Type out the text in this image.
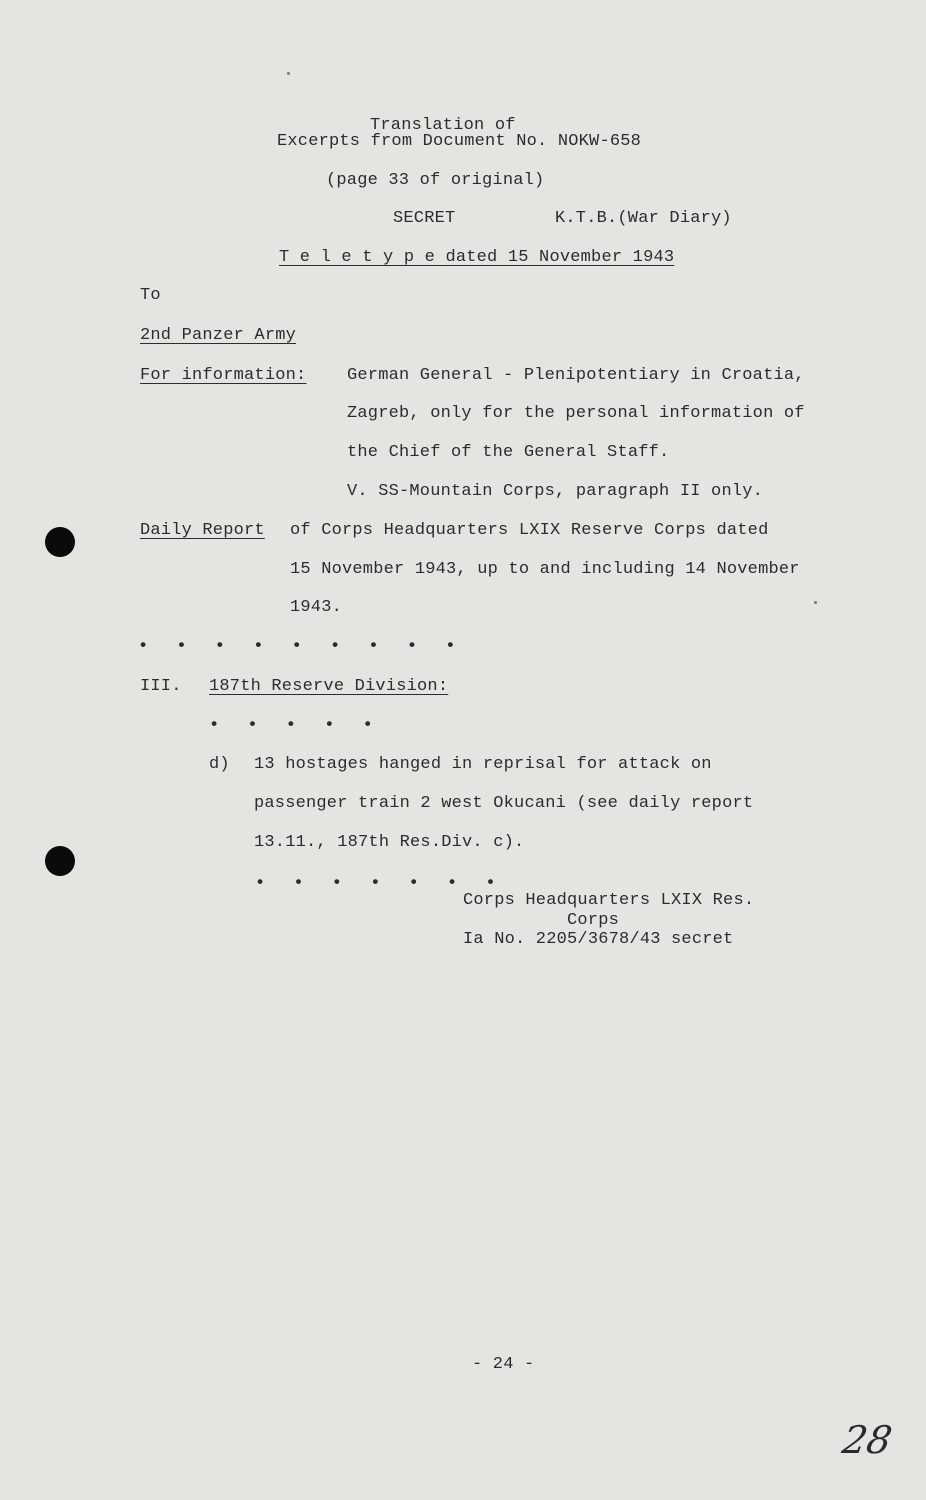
Translation of
Excerpts from Document No. NOKW-658
(page 33 of original)
SECRET	K.T.B.(War Diary)
T e l e t y p e dated 15 November 1943
To
2nd Panzer Army
For information: German General - Plenipotentiary in Croatia,
Zagreb, only for the personal information of
the Chief of the General Staff.
V. SS-Mountain Corps, paragraph II only.
Daily Report of Corps Headquarters LXIX Reserve Corps dated
15 November 1943, up to and including 14 November
1943.
• • • • • • • • •
III. 187th Reserve Division:
• • • • •
d) 13 hostages hanged in reprisal for attack on
passenger train 2 west Okucani (see daily report
13.11., 187th Res.Div. c).
• • • • • • •
Corps Headquarters LXIX Res.
Corps
Ia No. 2205/3678/43 secret
- 24 -
28
